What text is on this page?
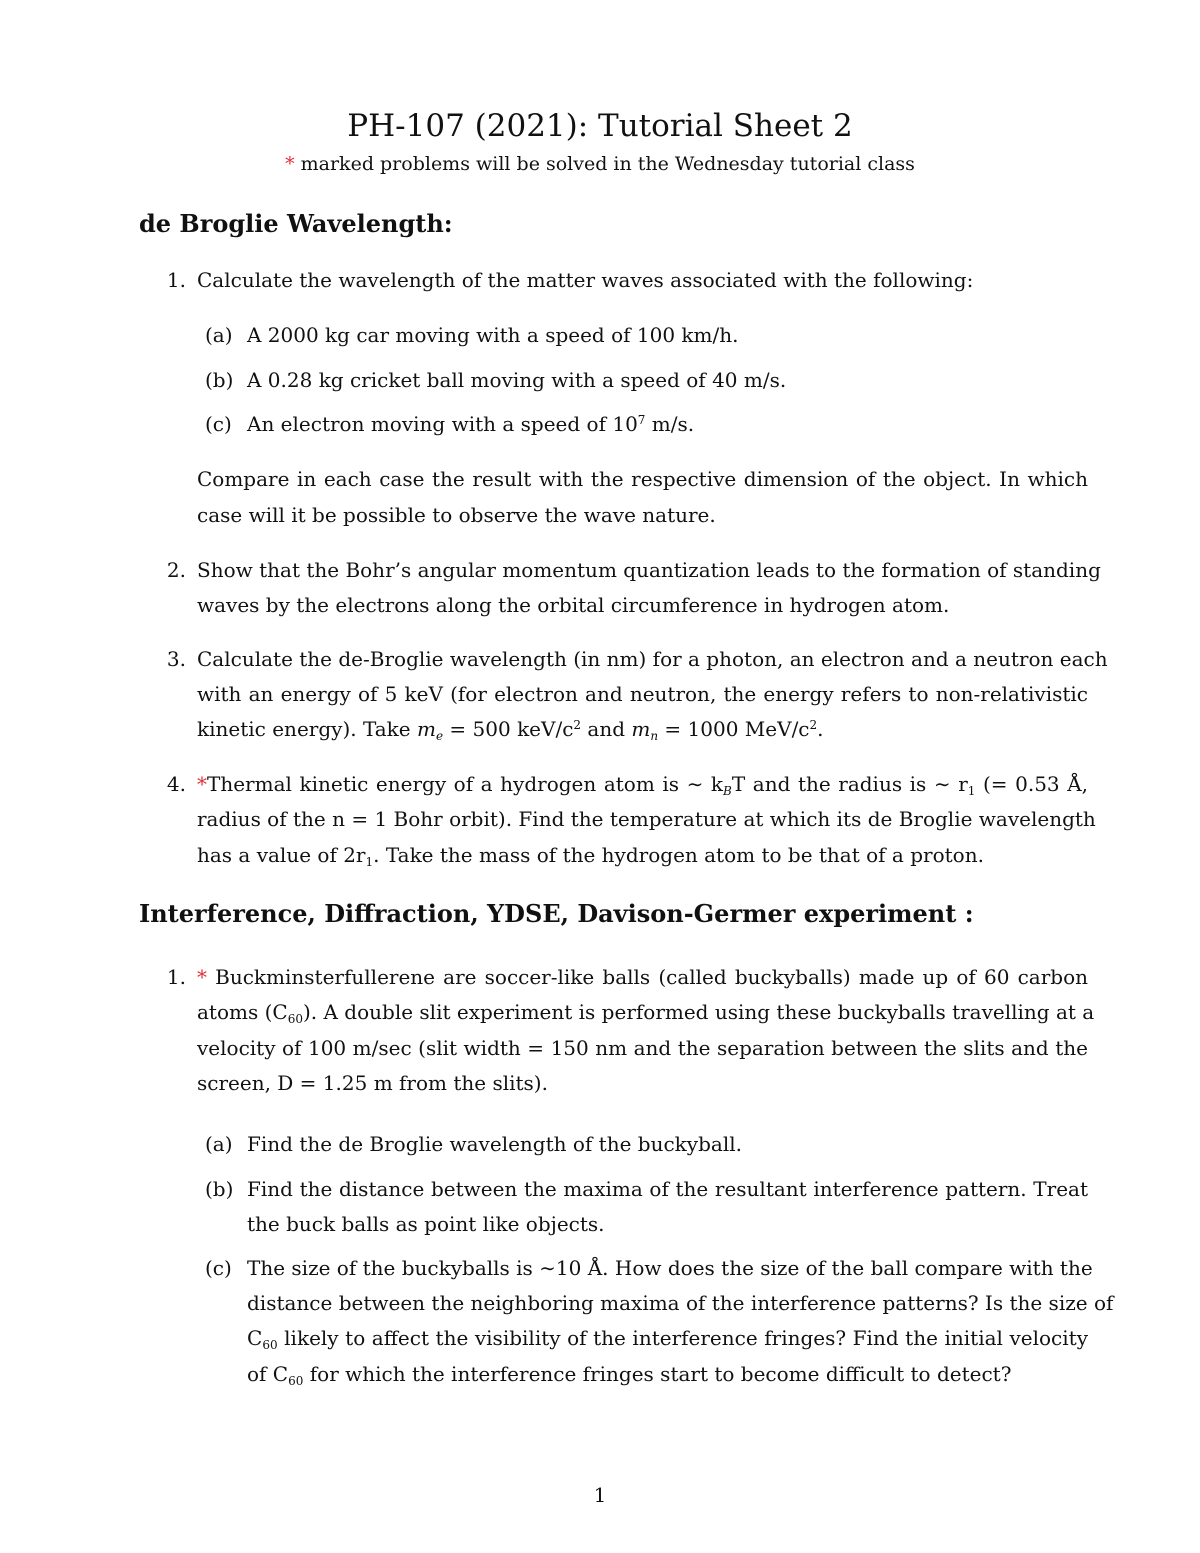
PH-107 (2021): Tutorial Sheet 2
* marked problems will be solved in the Wednesday tutorial class
de Broglie Wavelength:
1. Calculate the wavelength of the matter waves associated with the following:
(a) A 2000 kg car moving with a speed of 100 km/h.
(b) A 0.28 kg cricket ball moving with a speed of 40 m/s.
(c) An electron moving with a speed of $10^7$ m/s.
Compare in each case the result with the respective dimension of the object. In which
case will it be possible to observe the wave nature.
2. Show that the Bohr’s angular momentum quantization leads to the formation of standing
waves by the electrons along the orbital circumference in hydrogen atom.
3. Calculate the de-Broglie wavelength (in nm) for a photon, an electron and a neutron each
with an energy of 5 keV (for electron and neutron, the energy refers to non-relativistic
kinetic energy). Take $m_e = 500$ keV/$c^2$ and $m_n = 1000$ MeV/$c^2$.
4. *Thermal kinetic energy of a hydrogen atom is ∼ $k_BT$ and the radius is ∼ $r_1$ (= 0.53 Å,
radius of the n = 1 Bohr orbit). Find the temperature at which its de Broglie wavelength
has a value of $2r_1$. Take the mass of the hydrogen atom to be that of a proton.
Interference, Diffraction, YDSE, Davison-Germer experiment :
1. * Buckminsterfullerene are soccer-like balls (called buckyballs) made up of 60 carbon
atoms $(C_{60})$. A double slit experiment is performed using these buckyballs travelling at a
velocity of 100 m/sec (slit width = 150 nm and the separation between the slits and the
screen, D = 1.25 m from the slits).
(a) Find the de Broglie wavelength of the buckyball.
(b) Find the distance between the maxima of the resultant interference pattern. Treat
the buck balls as point like objects.
(c) The size of the buckyballs is ∼10 Å. How does the size of the ball compare with the
distance between the neighboring maxima of the interference patterns? Is the size of
$C_{60}$ likely to affect the visibility of the interference fringes? Find the initial velocity
of $C_{60}$ for which the interference fringes start to become difficult to detect?
1
